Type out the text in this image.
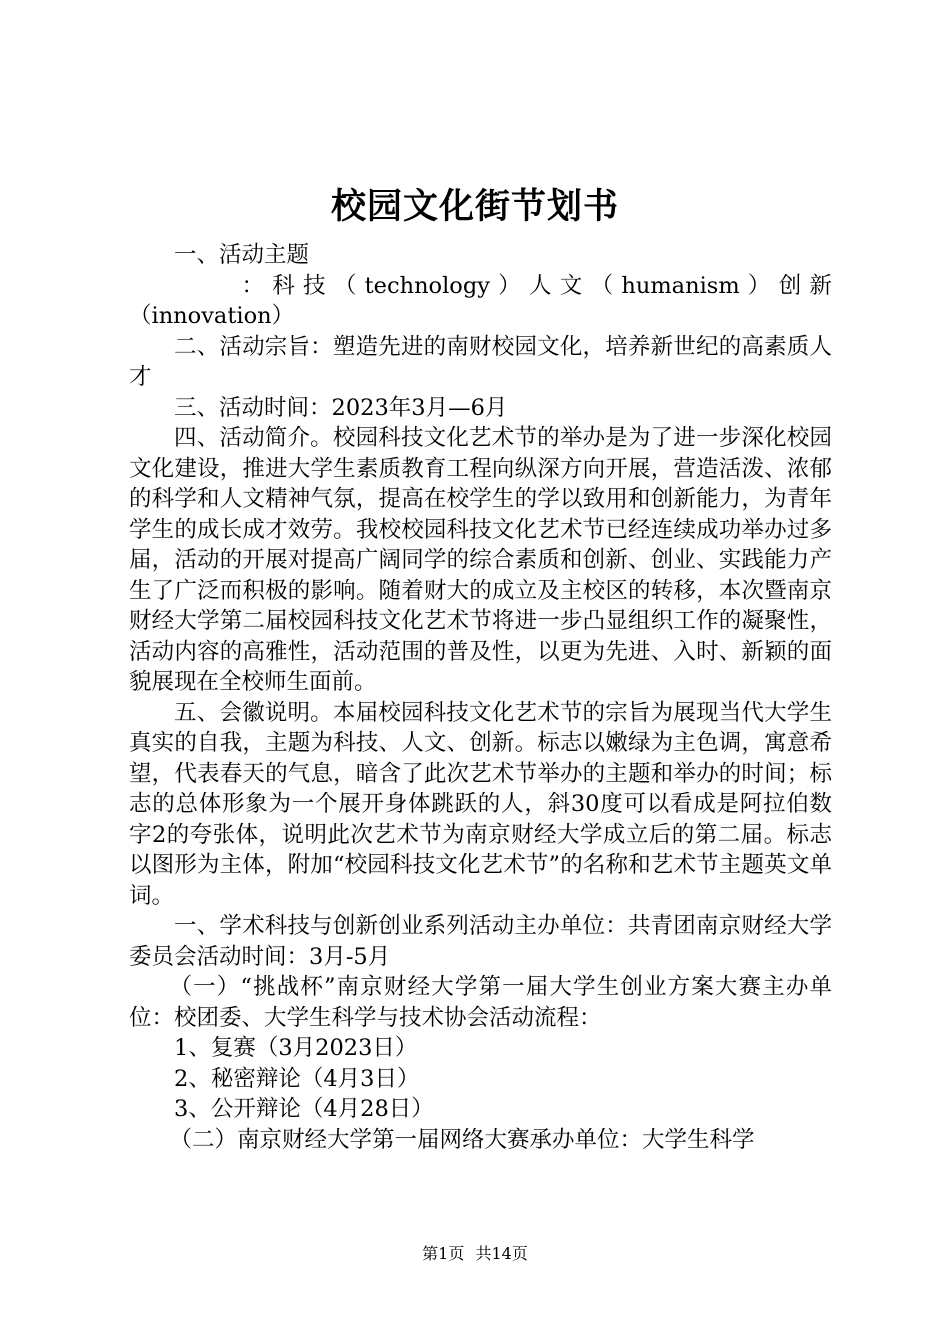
校园文化街节划书

一、活动主题

：科技（technology）人文（humanism）创新（innovation）

二、活动宗旨：塑造先进的南财校园文化，培养新世纪的高素质人才

三、活动时间：2023年3月—6月

四、活动简介。校园科技文化艺术节的举办是为了进一步深化校园文化建设，推进大学生素质教育工程向纵深方向开展，营造活泼、浓郁的科学和人文精神气氛，提高在校学生的学以致用和创新能力，为青年学生的成长成才效劳。我校校园科技文化艺术节已经连续成功举办过多届，活动的开展对提高广阔同学的综合素质和创新、创业、实践能力产生了广泛而积极的影响。随着财大的成立及主校区的转移，本次暨南京财经大学第二届校园科技文化艺术节将进一步凸显组织工作的凝聚性，活动内容的高雅性，活动范围的普及性，以更为先进、入时、新颖的面貌展现在全校师生面前。

五、会徽说明。本届校园科技文化艺术节的宗旨为展现当代大学生真实的自我，主题为科技、人文、创新。标志以嫩绿为主色调，寓意希望，代表春天的气息，暗含了此次艺术节举办的主题和举办的时间；标志的总体形象为一个展开身体跳跃的人，斜30度可以看成是阿拉伯数字2的夸张体，说明此次艺术节为南京财经大学成立后的第二届。标志以图形为主体，附加“校园科技文化艺术节”的名称和艺术节主题英文单词。

一、学术科技与创新创业系列活动主办单位：共青团南京财经大学委员会活动时间：3月-5月

（一）“挑战杯”南京财经大学第一届大学生创业方案大赛主办单位：校团委、大学生科学与技术协会活动流程：

1、复赛（3月2023日）

2、秘密辩论（4月3日）

3、公开辩论（4月28日）

（二）南京财经大学第一届网络大赛承办单位：大学生科学

第1页 共14页
